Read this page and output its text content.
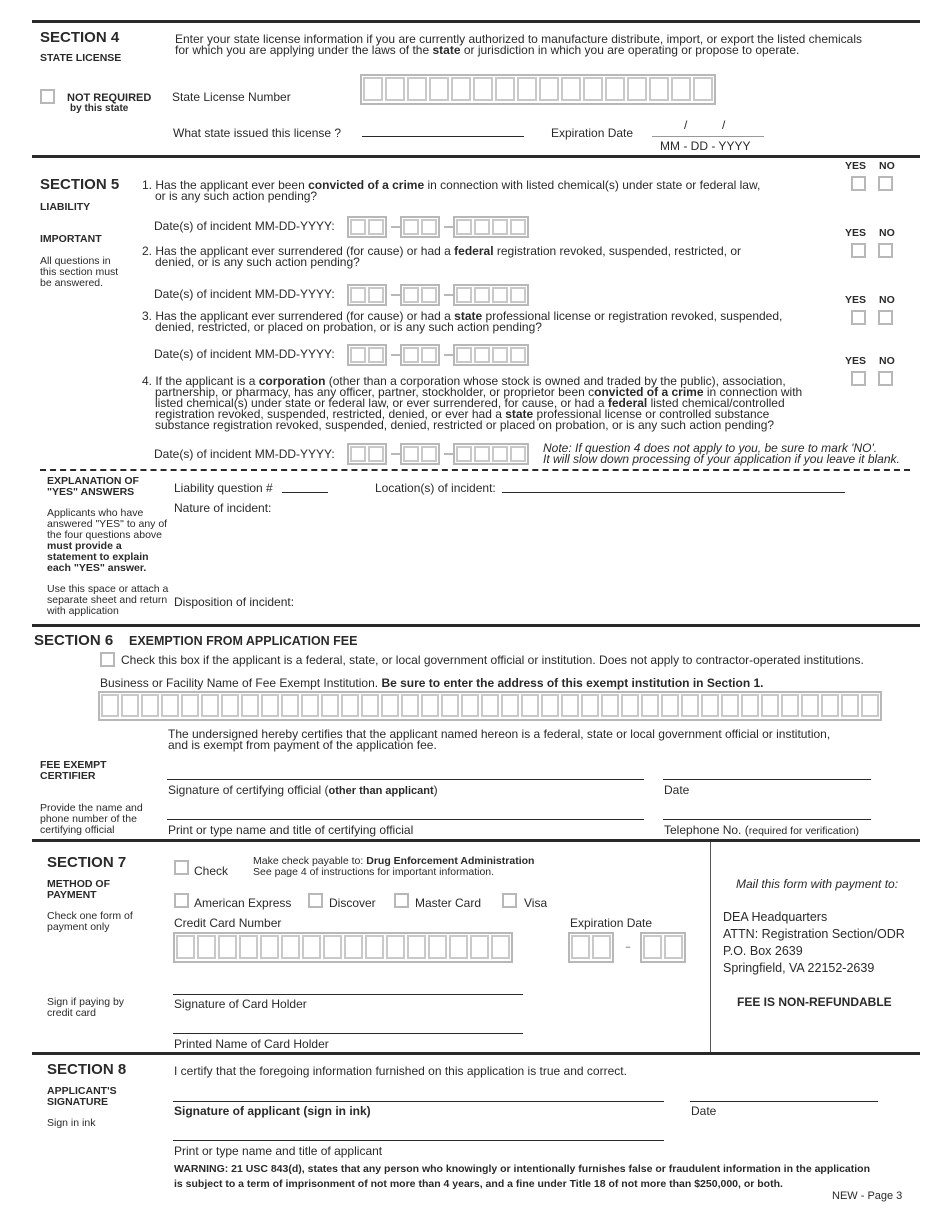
SECTION 4
STATE LICENSE
Enter your state license information if you are currently authorized to manufacture distribute, import, or export the listed chemicals
for which you are applying under the laws of the state or jurisdiction in which you are operating or propose to operate.
NOT REQUIRED
by this state
State License Number
What state issued this license ?	Expiration Date
/	/
MM - DD - YYYY
SECTION 5
LIABILITY
IMPORTANT
All questions in this section must be answered.
YES NO
1. Has the applicant ever been convicted of a crime in connection with listed chemical(s) under state or federal law,
or is any such action pending?
Date(s) of incident MM-DD-YYYY:	YES NO
2. Has the applicant ever surrendered (for cause) or had a federal registration revoked, suspended, restricted, or
denied, or is any such action pending?
Date(s) of incident MM-DD-YYYY:	YES NO
3. Has the applicant ever surrendered (for cause) or had a state professional license or registration revoked, suspended,
denied, restricted, or placed on probation, or is any such action pending?
Date(s) of incident MM-DD-YYYY:	YES NO
4. If the applicant is a corporation (other than a corporation whose stock is owned and traded by the public), association,
partnership, or pharmacy, has any officer, partner, stockholder, or proprietor been convicted of a crime in connection with
listed chemical(s) under state or federal law, or ever surrendered, for cause, or had a federal listed chemical/controlled
registration revoked, suspended, restricted, denied, or ever had a state professional license or controlled substance
substance registration revoked, suspended, denied, restricted or placed on probation, or is any such action pending?
Date(s) of incident MM-DD-YYYY:	Note: If question 4 does not apply to you, be sure to mark 'NO'.
It will slow down processing of your application if you leave it blank.
EXPLANATION OF "YES" ANSWERS
Applicants who have answered "YES" to any of the four questions above must provide a statement to explain each "YES" answer.
Use this space or attach a separate sheet and return with application
Liability question #	Location(s) of incident:
Nature of incident:
Disposition of incident:
SECTION 6 EXEMPTION FROM APPLICATION FEE
Check this box if the applicant is a federal, state, or local government official or institution. Does not apply to contractor-operated institutions.
Business or Facility Name of Fee Exempt Institution. Be sure to enter the address of this exempt institution in Section 1.
The undersigned hereby certifies that the applicant named hereon is a federal, state or local government official or institution,
and is exempt from payment of the application fee.
FEE EXEMPT CERTIFIER
Provide the name and phone number of the certifying official
Signature of certifying official (other than applicant)	Date
Print or type name and title of certifying official	Telephone No. (required for verification)
SECTION 7
METHOD OF PAYMENT
Check one form of payment only
Check
Make check payable to: Drug Enforcement Administration
See page 4 of instructions for important information.
American Express	Discover	Master Card	Visa
Credit Card Number	Expiration Date
-
Sign if paying by credit card
Signature of Card Holder
Printed Name of Card Holder
Mail this form with payment to:
DEA Headquarters
ATTN: Registration Section/ODR
P.O. Box 2639
Springfield, VA 22152-2639
FEE IS NON-REFUNDABLE
SECTION 8
APPLICANT'S SIGNATURE
Sign in ink
I certify that the foregoing information furnished on this application is true and correct.
Signature of applicant (sign in ink)	Date
Print or type name and title of applicant
WARNING: 21 USC 843(d), states that any person who knowingly or intentionally furnishes false or fraudulent information in the application
is subject to a term of imprisonment of not more than 4 years, and a fine under Title 18 of not more than $250,000, or both.
NEW - Page 3
